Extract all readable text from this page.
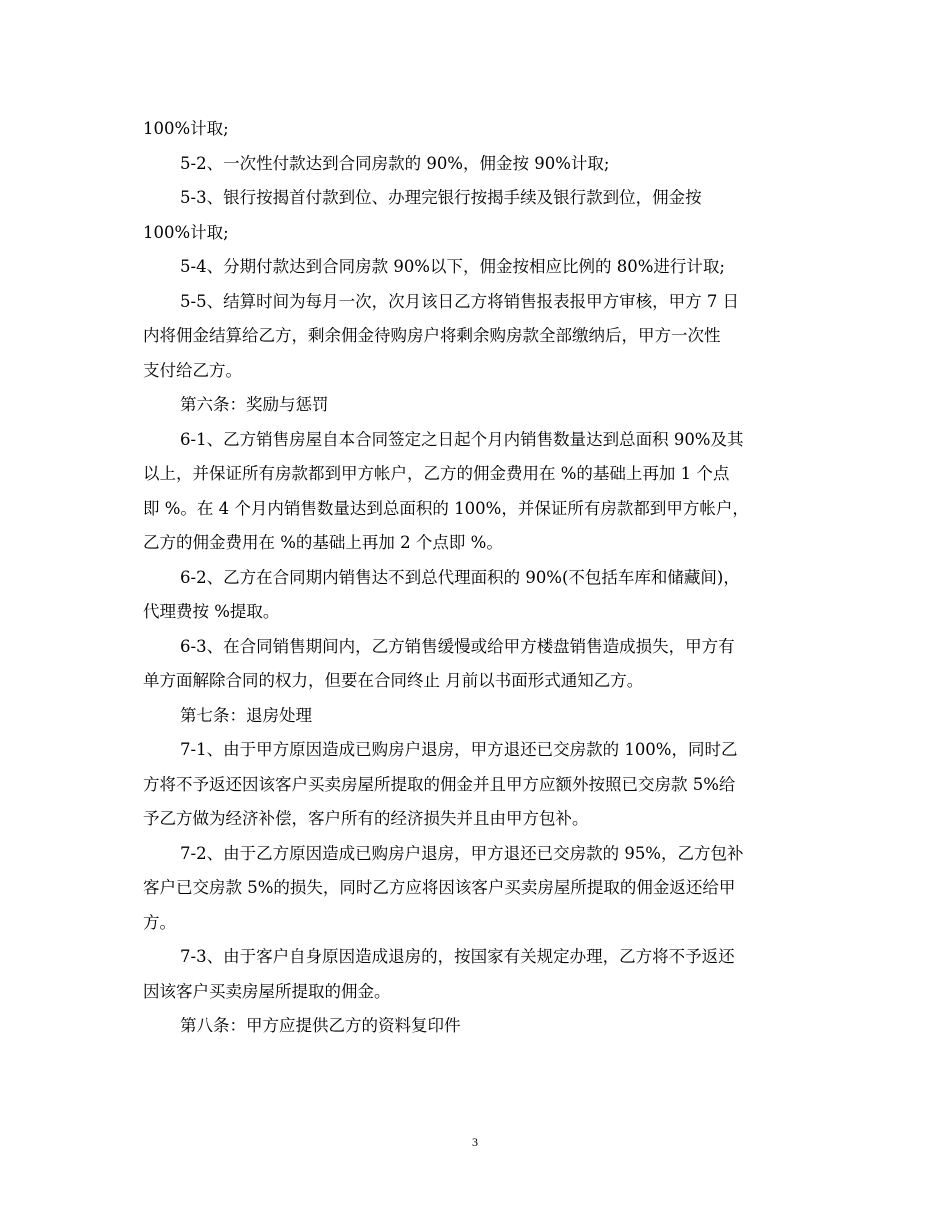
100%计取;
5-2、一次性付款达到合同房款的 90%，佣金按 90%计取;
5-3、银行按揭首付款到位、办理完银行按揭手续及银行款到位，佣金按
100%计取;
5-4、分期付款达到合同房款 90%以下，佣金按相应比例的 80%进行计取;
5-5、结算时间为每月一次，次月该日乙方将销售报表报甲方审核，甲方 7 日
内将佣金结算给乙方，剩余佣金待购房户将剩余购房款全部缴纳后，甲方一次性
支付给乙方。
第六条：奖励与惩罚
6-1、乙方销售房屋自本合同签定之日起个月内销售数量达到总面积 90%及其
以上，并保证所有房款都到甲方帐户，乙方的佣金费用在 %的基础上再加 1 个点
即 %。在 4 个月内销售数量达到总面积的 100%，并保证所有房款都到甲方帐户，
乙方的佣金费用在 %的基础上再加 2 个点即 %。
6-2、乙方在合同期内销售达不到总代理面积的 90%(不包括车库和储藏间)，
代理费按 %提取。
6-3、在合同销售期间内，乙方销售缓慢或给甲方楼盘销售造成损失，甲方有
单方面解除合同的权力，但要在合同终止 月前以书面形式通知乙方。
第七条：退房处理
7-1、由于甲方原因造成已购房户退房，甲方退还已交房款的 100%，同时乙
方将不予返还因该客户买卖房屋所提取的佣金并且甲方应额外按照已交房款 5%给
予乙方做为经济补偿，客户所有的经济损失并且由甲方包补。
7-2、由于乙方原因造成已购房户退房，甲方退还已交房款的 95%，乙方包补
客户已交房款 5%的损失，同时乙方应将因该客户买卖房屋所提取的佣金返还给甲
方。
7-3、由于客户自身原因造成退房的，按国家有关规定办理，乙方将不予返还
因该客户买卖房屋所提取的佣金。
第八条：甲方应提供乙方的资料复印件
3
